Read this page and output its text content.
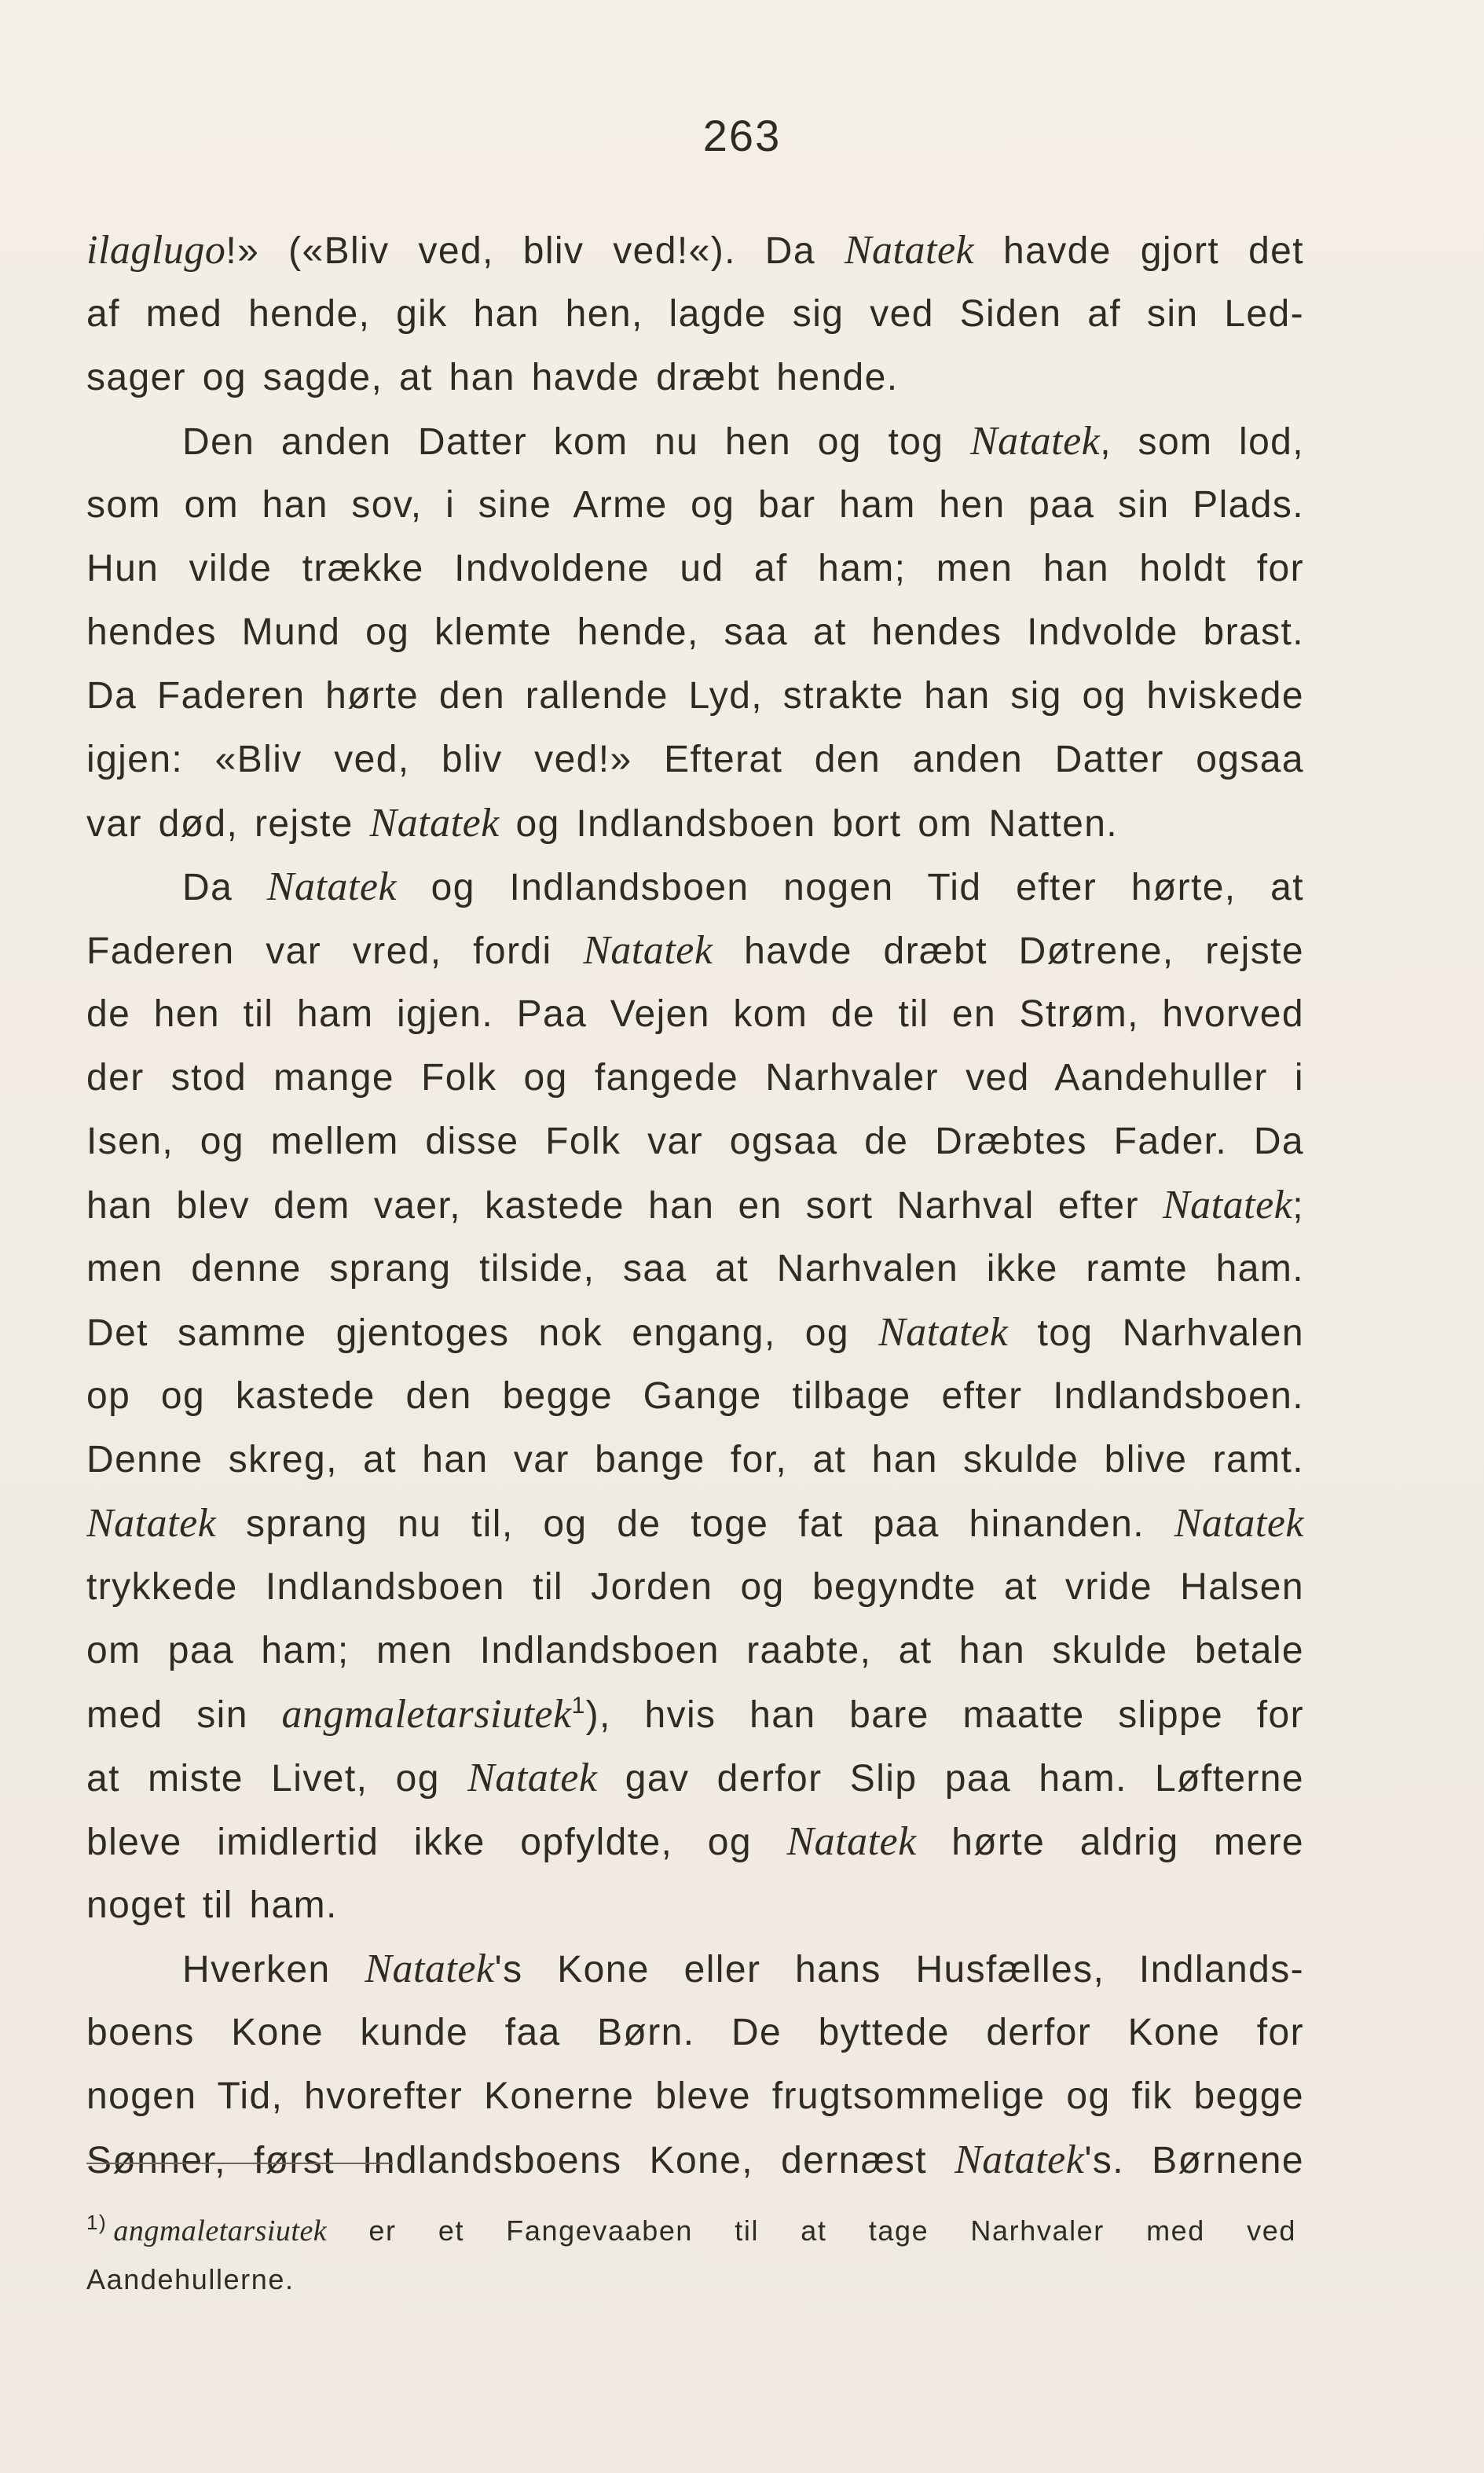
263
ilaglugo!» («Bliv ved, bliv ved!«). Da Natatek havde gjort det
af med hende, gik han hen, lagde sig ved Siden af sin Led-
sager og sagde, at han havde dræbt hende.
Den anden Datter kom nu hen og tog Natatek, som lod,
som om han sov, i sine Arme og bar ham hen paa sin Plads.
Hun vilde trække Indvoldene ud af ham; men han holdt for
hendes Mund og klemte hende, saa at hendes Indvolde brast.
Da Faderen hørte den rallende Lyd, strakte han sig og hviskede
igjen: «Bliv ved, bliv ved!» Efterat den anden Datter ogsaa
var død, rejste Natatek og Indlandsboen bort om Natten.
Da Natatek og Indlandsboen nogen Tid efter hørte, at
Faderen var vred, fordi Natatek havde dræbt Døtrene, rejste
de hen til ham igjen. Paa Vejen kom de til en Strøm, hvorved
der stod mange Folk og fangede Narhvaler ved Aandehuller i
Isen, og mellem disse Folk var ogsaa de Dræbtes Fader. Da
han blev dem vaer, kastede han en sort Narhval efter Natatek;
men denne sprang tilside, saa at Narhvalen ikke ramte ham.
Det samme gjentoges nok engang, og Natatek tog Narhvalen
op og kastede den begge Gange tilbage efter Indlandsboen.
Denne skreg, at han var bange for, at han skulde blive ramt.
Natatek sprang nu til, og de toge fat paa hinanden. Natatek
trykkede Indlandsboen til Jorden og begyndte at vride Halsen
om paa ham; men Indlandsboen raabte, at han skulde betale
med sin angmaletarsiutek$^1$), hvis han bare maatte slippe for
at miste Livet, og Natatek gav derfor Slip paa ham. Løfterne
bleve imidlertid ikke opfyldte, og Natatek hørte aldrig mere
noget til ham.
Hverken Natatek's Kone eller hans Husfælles, Indlands-
boens Kone kunde faa Børn. De byttede derfor Kone for
nogen Tid, hvorefter Konerne bleve frugtsommelige og fik begge
Sønner, først Indlandsboens Kone, dernæst Natatek's. Børnene
$^{1)}$ angmaletarsiutek er et Fangevaaben til at tage Narhvaler med ved
Aandehullerne.
